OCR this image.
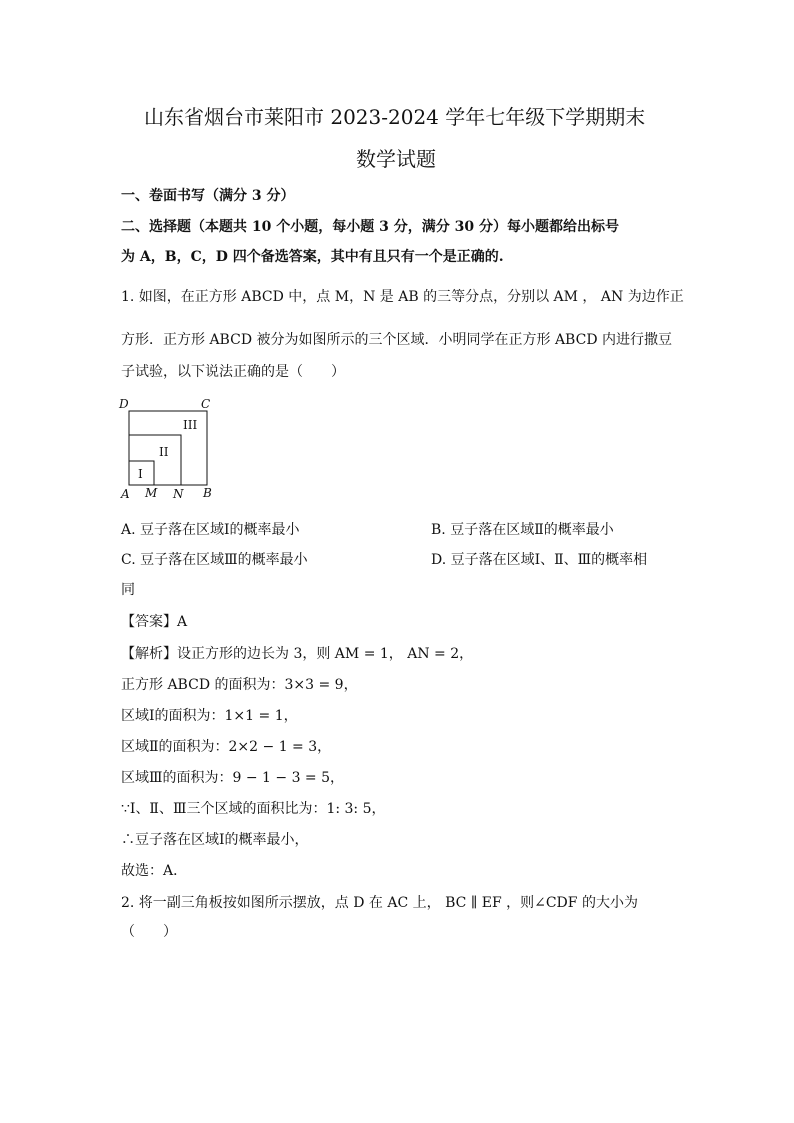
山东省烟台市莱阳市 2023-2024 学年七年级下学期期末
数学试题
一、卷面书写（满分 3 分）
二、选择题（本题共 10 个小题，每小题 3 分，满分 30 分）每小题都给出标号
为 A，B，C，D 四个备选答案，其中有且只有一个是正确的.
1. 如图，在正方形 ABCD 中，点 M，N 是 AB 的三等分点，分别以 AM ， AN 为边作正
方形．正方形 ABCD 被分为如图所示的三个区域．小明同学在正方形 ABCD 内进行撒豆
子试验，以下说法正确的是（　　）
D	C
A M N B
I
II
III
A. 豆子落在区域Ⅰ的概率最小	B. 豆子落在区域Ⅱ的概率最小
C. 豆子落在区域Ⅲ的概率最小	D. 豆子落在区域Ⅰ、Ⅱ、Ⅲ的概率相
同
【答案】A
【解析】设正方形的边长为 3，则 AM = 1， AN = 2，
正方形 ABCD 的面积为：3×3 = 9，
区域Ⅰ的面积为：1×1 = 1，
区域Ⅱ的面积为：2×2 − 1 = 3，
区域Ⅲ的面积为：9 − 1 − 3 = 5，
∵Ⅰ、Ⅱ、Ⅲ三个区域的面积比为：1: 3: 5，
∴豆子落在区域Ⅰ的概率最小，
故选：A．
2. 将一副三角板按如图所示摆放，点 D 在 AC 上， BC ∥ EF ，则∠CDF 的大小为
（　　）
